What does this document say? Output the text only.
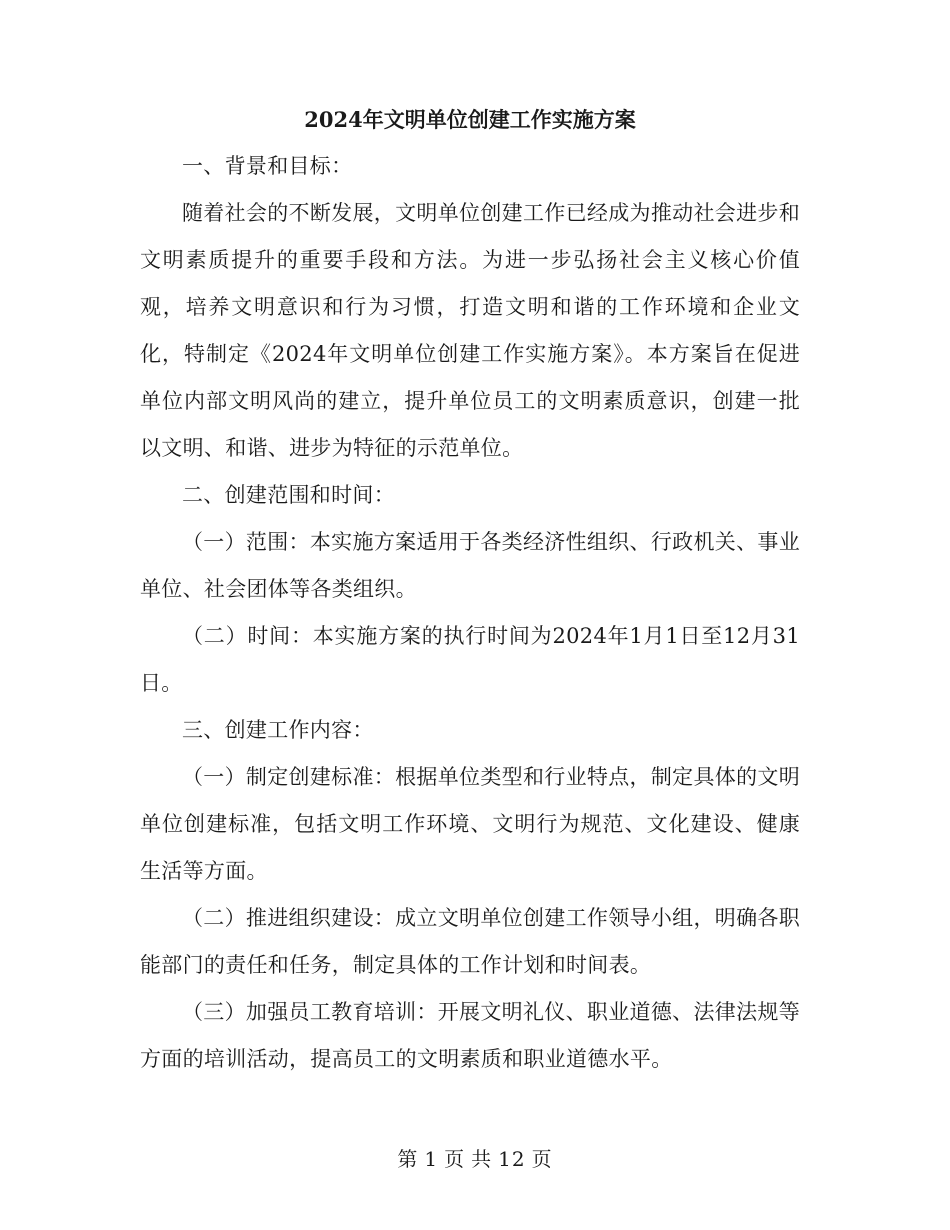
2024年文明单位创建工作实施方案

一、背景和目标：

随着社会的不断发展，文明单位创建工作已经成为推动社会进步和文明素质提升的重要手段和方法。为进一步弘扬社会主义核心价值观，培养文明意识和行为习惯，打造文明和谐的工作环境和企业文化，特制定《2024年文明单位创建工作实施方案》。本方案旨在促进单位内部文明风尚的建立，提升单位员工的文明素质意识，创建一批以文明、和谐、进步为特征的示范单位。

二、创建范围和时间：

（一）范围：本实施方案适用于各类经济性组织、行政机关、事业单位、社会团体等各类组织。

（二）时间：本实施方案的执行时间为2024年1月1日至12月31日。

三、创建工作内容：

（一）制定创建标准：根据单位类型和行业特点，制定具体的文明单位创建标准，包括文明工作环境、文明行为规范、文化建设、健康生活等方面。

（二）推进组织建设：成立文明单位创建工作领导小组，明确各职能部门的责任和任务，制定具体的工作计划和时间表。

（三）加强员工教育培训：开展文明礼仪、职业道德、法律法规等方面的培训活动，提高员工的文明素质和职业道德水平。

第 1 页 共 12 页
